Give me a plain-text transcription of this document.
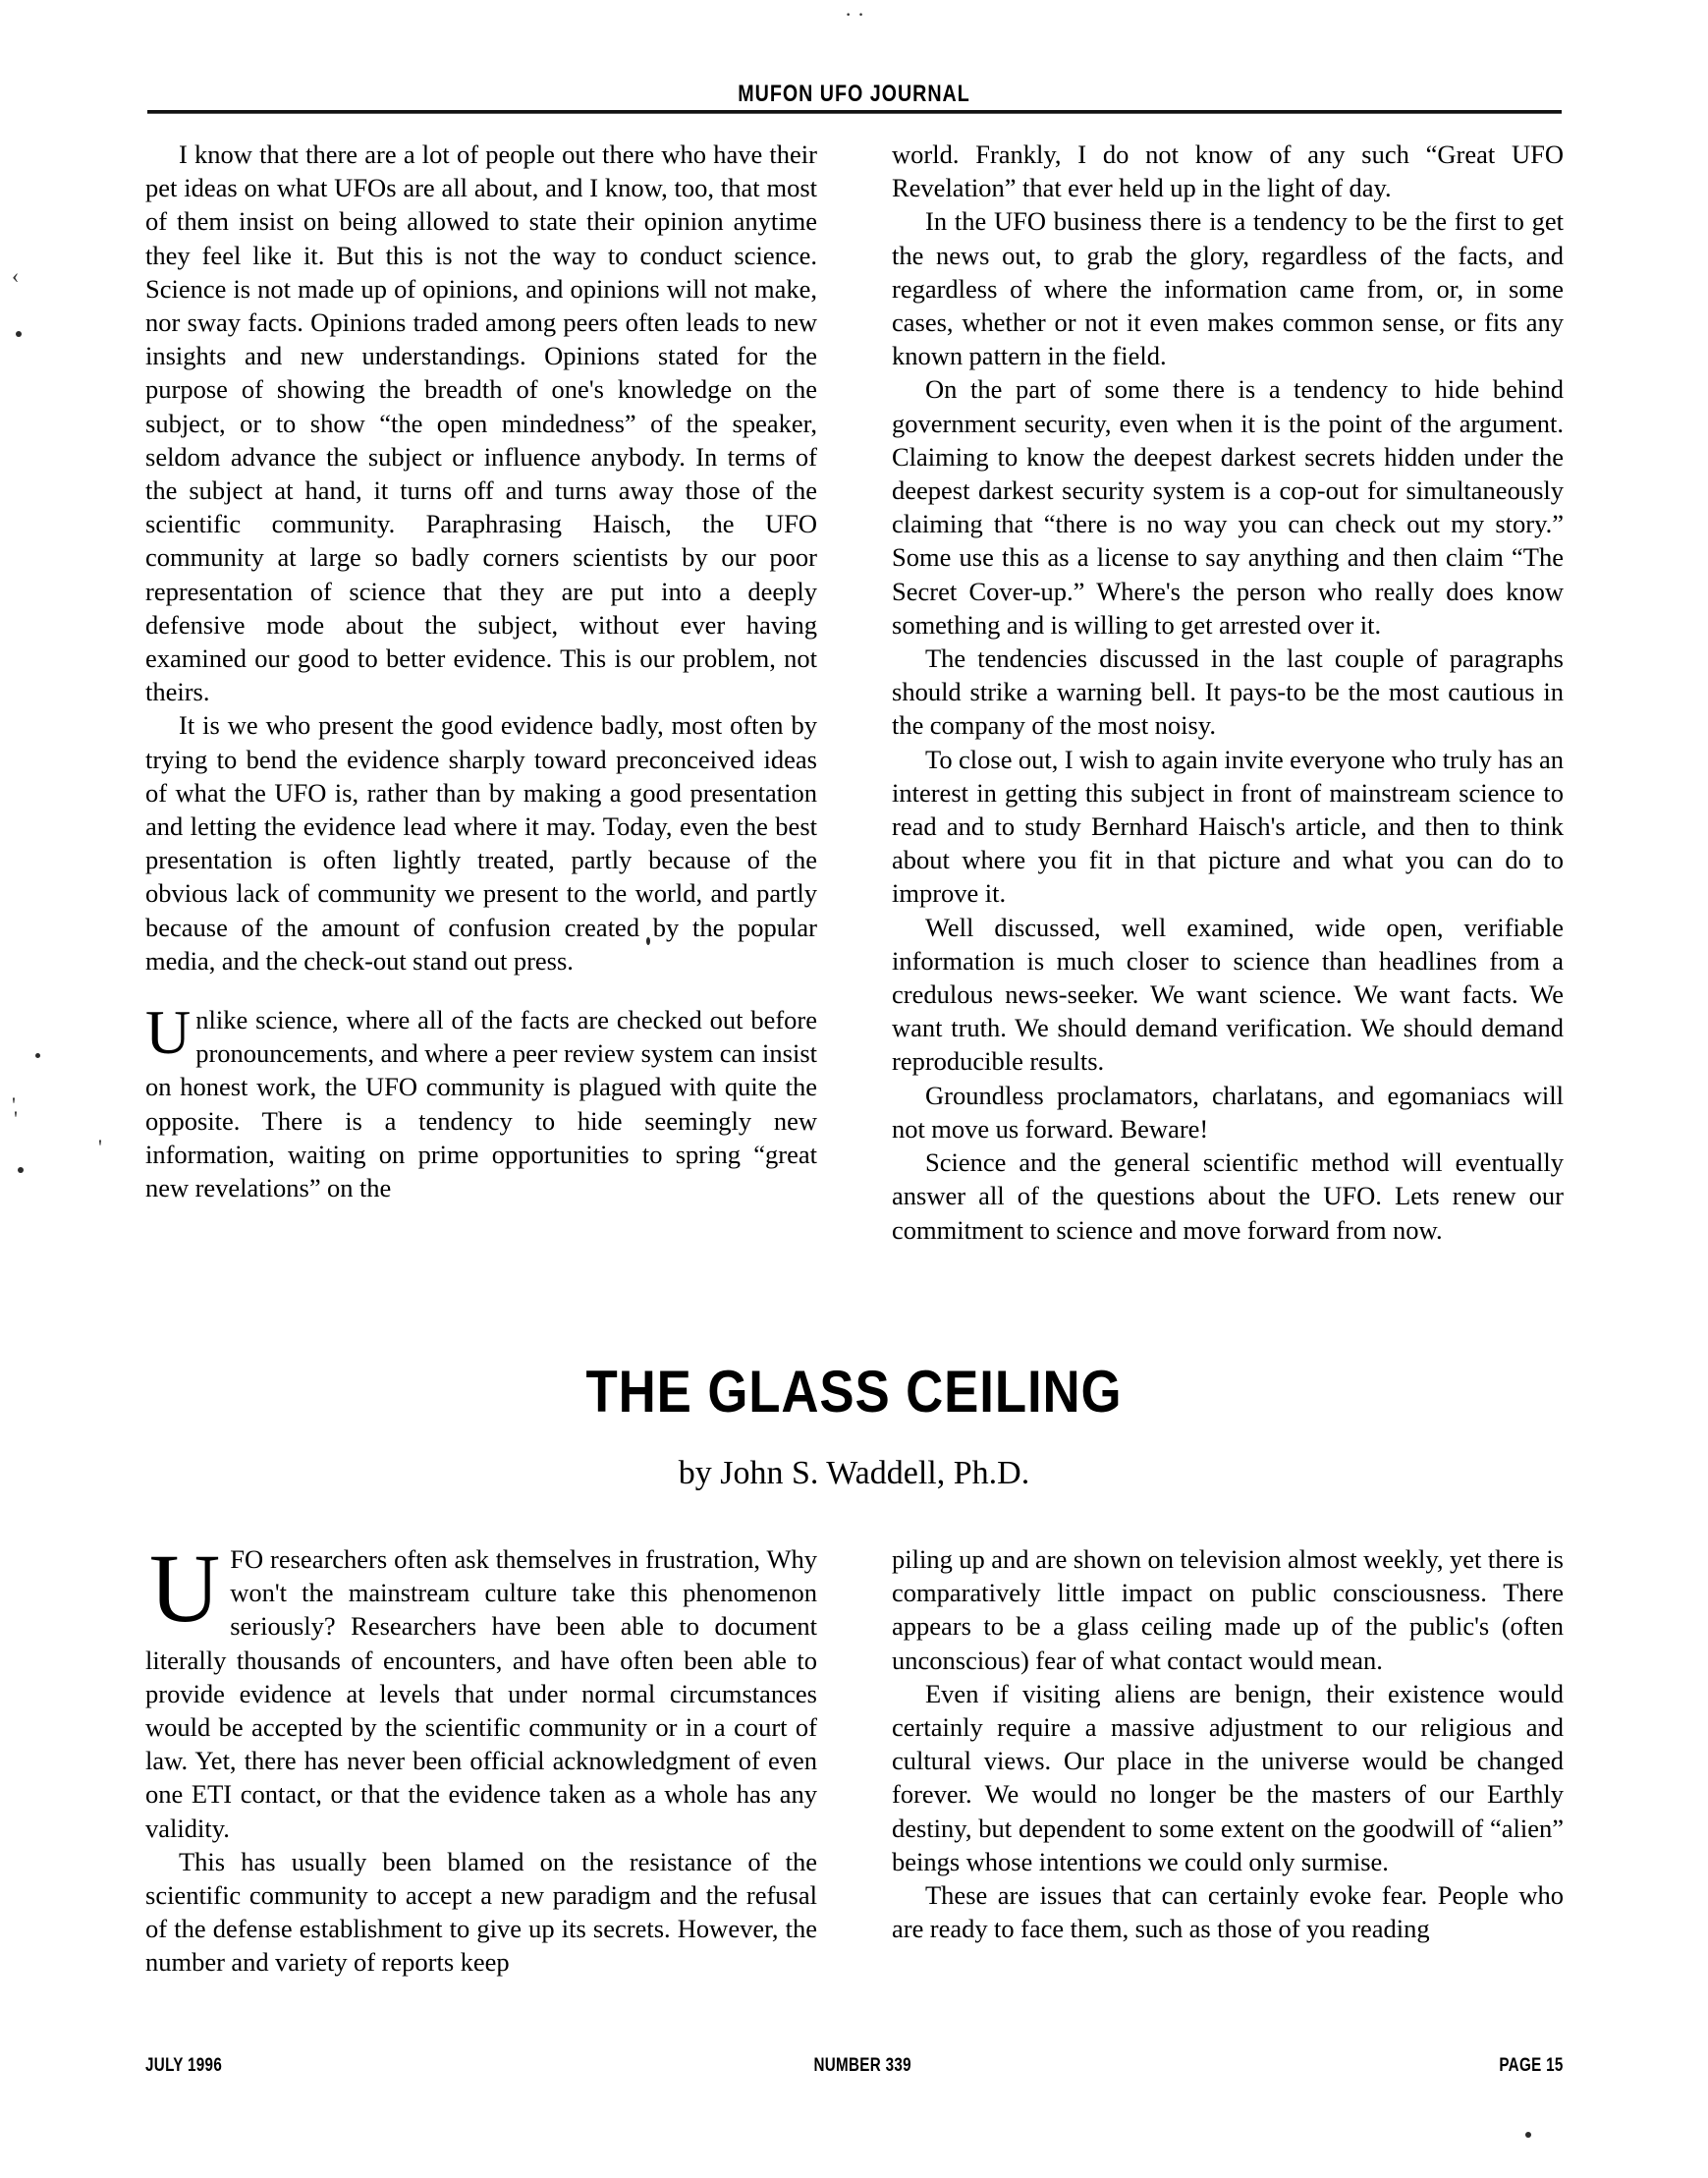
MUFON UFO JOURNAL
· ·
‹
'
'
'

I know that there are a lot of people out there who have their pet ideas on what UFOs are all about, and I know, too, that most of them insist on being allowed to state their opinion anytime they feel like it. But this is not the way to conduct science. Science is not made up of opinions, and opinions will not make, nor sway facts. Opinions traded among peers often leads to new insights and new understandings. Opinions stated for the purpose of showing the breadth of one's knowledge on the subject, or to show “the open mindedness” of the speaker, seldom advance the subject or influence anybody. In terms of the subject at hand, it turns off and turns away those of the scientific community. Paraphrasing Haisch, the UFO community at large so badly corners scientists by our poor representation of science that they are put into a deeply defensive mode about the subject, without ever having examined our good to better evidence. This is our problem, not theirs.

It is we who present the good evidence badly, most often by trying to bend the evidence sharply toward preconceived ideas of what the UFO is, rather than by making a good presentation and letting the evidence lead where it may. Today, even the best presentation is often lightly treated, partly because of the obvious lack of community we present to the world, and partly because of the amount of confusion created by the popular media, and the check-out stand out press.

Unlike science, where all of the facts are checked out before pronouncements, and where a peer review system can insist on honest work, the UFO community is plagued with quite the opposite. There is a tendency to hide seemingly new information, waiting on prime opportunities to spring “great new revelations” on the

world. Frankly, I do not know of any such “Great UFO Revelation” that ever held up in the light of day.

In the UFO business there is a tendency to be the first to get the news out, to grab the glory, regardless of the facts, and regardless of where the information came from, or, in some cases, whether or not it even makes common sense, or fits any known pattern in the field.

On the part of some there is a tendency to hide behind government security, even when it is the point of the argument. Claiming to know the deepest darkest secrets hidden under the deepest darkest security system is a cop-out for simultaneously claiming that “there is no way you can check out my story.” Some use this as a license to say anything and then claim “The Secret Cover-up.” Where's the person who really does know something and is willing to get arrested over it.

The tendencies discussed in the last couple of paragraphs should strike a warning bell. It pays-to be the most cautious in the company of the most noisy.

To close out, I wish to again invite everyone who truly has an interest in getting this subject in front of mainstream science to read and to study Bernhard Haisch's article, and then to think about where you fit in that picture and what you can do to improve it.

Well discussed, well examined, wide open, verifiable information is much closer to science than headlines from a credulous news-seeker. We want science. We want facts. We want truth. We should demand verification. We should demand reproducible results.

Groundless proclamators, charlatans, and egomaniacs will not move us forward. Beware!

Science and the general scientific method will eventually answer all of the questions about the UFO. Lets renew our commitment to science and move forward from now.

THE GLASS CEILING
by John S. Waddell, Ph.D.

UFO researchers often ask themselves in frustration, Why won't the mainstream culture take this phenomenon seriously? Researchers have been able to document literally thousands of encounters, and have often been able to provide evidence at levels that under normal circumstances would be accepted by the scientific community or in a court of law. Yet, there has never been official acknowledgment of even one ETI contact, or that the evidence taken as a whole has any validity.

This has usually been blamed on the resistance of the scientific community to accept a new paradigm and the refusal of the defense establishment to give up its secrets. However, the number and variety of reports keep

piling up and are shown on television almost weekly, yet there is comparatively little impact on public consciousness. There appears to be a glass ceiling made up of the public's (often unconscious) fear of what contact would mean.

Even if visiting aliens are benign, their existence would certainly require a massive adjustment to our religious and cultural views. Our place in the universe would be changed forever. We would no longer be the masters of our Earthly destiny, but dependent to some extent on the goodwill of “alien” beings whose intentions we could only surmise.

These are issues that can certainly evoke fear. People who are ready to face them, such as those of you reading

JULY 1996	NUMBER 339	PAGE 15
